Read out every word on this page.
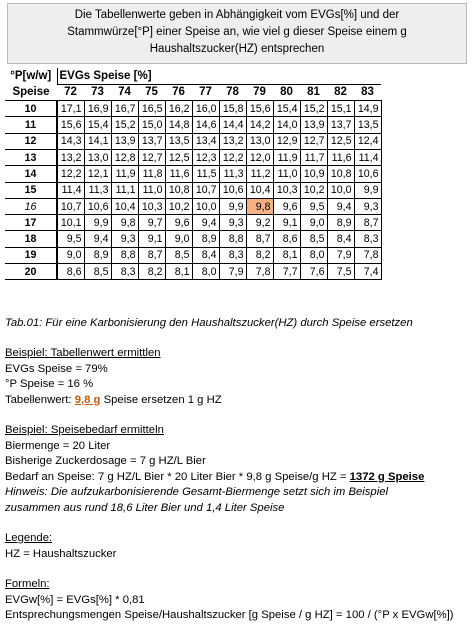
Die Tabellenwerte geben in Abhängigkeit vom EVGs[%] und der
Stammwürze[°P] einer Speise an, wie viel g dieser Speise einem g
Haushaltszucker(HZ) entsprechen
°P[w/w]	EVGs Speise [%]											
Speise	72	73	74	75	76	77	78	79	80	81	82	83
10	17,1	16,9	16,7	16,5	16,2	16,0	15,8	15,6	15,4	15,2	15,1	14,9
11	15,6	15,4	15,2	15,0	14,8	14,6	14,4	14,2	14,0	13,9	13,7	13,5
12	14,3	14,1	13,9	13,7	13,5	13,4	13,2	13,0	12,9	12,7	12,5	12,4
13	13,2	13,0	12,8	12,7	12,5	12,3	12,2	12,0	11,9	11,7	11,6	11,4
14	12,2	12,1	11,9	11,8	11,6	11,5	11,3	11,2	11,0	10,9	10,8	10,6
15	11,4	11,3	11,1	11,0	10,8	10,7	10,6	10,4	10,3	10,2	10,0	9,9
16	10,7	10,6	10,4	10,3	10,2	10,0	9,9	9,8	9,6	9,5	9,4	9,3
17	10,1	9,9	9,8	9,7	9,6	9,4	9,3	9,2	9,1	9,0	8,9	8,7
18	9,5	9,4	9,3	9,1	9,0	8,9	8,8	8,7	8,6	8,5	8,4	8,3
19	9,0	8,9	8,8	8,7	8,5	8,4	8,3	8,2	8,1	8,0	7,9	7,8
20	8,6	8,5	8,3	8,2	8,1	8,0	7,9	7,8	7,7	7,6	7,5	7,4
Tab.01: Für eine Karbonisierung den Haushaltszucker(HZ) durch Speise ersetzen
Beispiel: Tabellenwert ermittlen
EVGs Speise = 79%
°P Speise = 16 %
Tabellenwert: 9,8 g Speise ersetzen 1 g HZ
Beispiel: Speisebedarf ermitteln
Biermenge = 20 Liter
Bisherige Zuckerdosage = 7 g HZ/L Bier
Bedarf an Speise: 7 g HZ/L Bier * 20 Liter Bier * 9,8 g Speise/g HZ = 1372 g Speise
Hinweis: Die aufzukarbonisierende Gesamt-Biermenge setzt sich im Beispiel
zusammen aus rund 18,6 Liter Bier und 1,4 Liter Speise
Legende:
HZ = Haushaltszucker
Formeln:
EVGw[%] = EVGs[%] * 0,81
Entsprechungsmengen Speise/Haushaltszucker [g Speise / g HZ] = 100 / (°P x EVGw[%])
